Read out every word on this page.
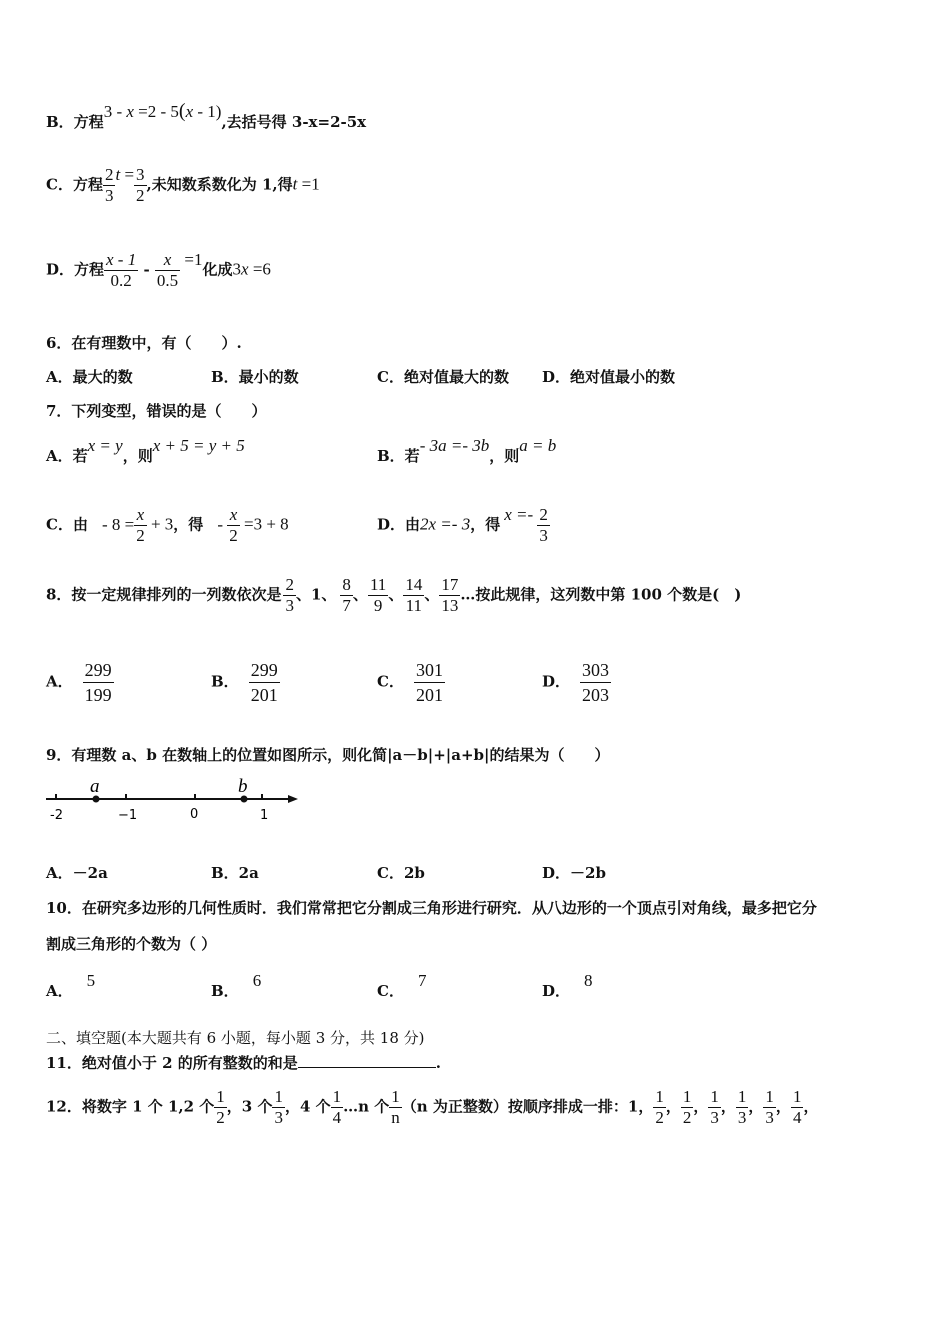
B．方程3 - x =2 - 5(x - 1),去括号得 3-x=2-5x
C．方程 $\frac{2}{3}$ $t = \frac{3}{2}$ ,未知数系数化为 1,得t =1
D．方程 $\frac{x - 1}{0.2} - \frac{x}{0.5} =1$化成3x =6
6．在有理数中，有（　　）.
A．最大的数	B．最小的数	C．绝对值最大的数 D．绝对值最小的数
7．下列变型，错误的是（　　）
A．若x = y，则x + 5 = y + 5
B．若- 3a =- 3b，则a = b
C．由 - $8 = \frac{x}{2} + 3$，得 - $\frac{x}{2} =3 + 8$	D．由2x =- 3，得$x =- \frac{2}{3}$
8．按一定规律排列的一列数依次是 $\frac{2}{3}$ 、1、 $\frac{8}{7}$ 、 $\frac{11}{9}$ 、 $\frac{14}{11}$ 、 $\frac{17}{13}$ …按此规律，这列数中第 100 个数是(　)
A． $\frac{299}{199}$	B． $\frac{299}{201}$	C． $\frac{301}{201}$	D． $\frac{303}{203}$
9．有理数 a、b 在数轴上的位置如图所示，则化简|a－b|+|a+b|的结果为（　　）
a	b
-2	−1	0	1
A．－2a	B．2a	C．2b	D．－2b
10．在研究多边形的几何性质时．我们常常把它分割成三角形进行研究．从八边形的一个顶点引对角线，最多把它分
割成三角形的个数为（ ）
A．5
B．6
C．7
D．8
二、填空题(本大题共有 6 小题，每小题 3 分，共 18 分)
11．绝对值小于 2 的所有整数的和是	.
12．将数字 1 个 1,2 个 $\frac{1}{2}$ ，3 个 $\frac{1}{3}$ ，4 个 $\frac{1}{4}$ …n 个 $\frac{1}{n} (n$ 为正整数）按顺序排成一排：1， $\frac{1}{2}$ ， $\frac{1}{2}$ ， $\frac{1}{3}$ ， $\frac{1}{3}$ ， $\frac{1}{3}$ ， $\frac{1}{4}$ ，
